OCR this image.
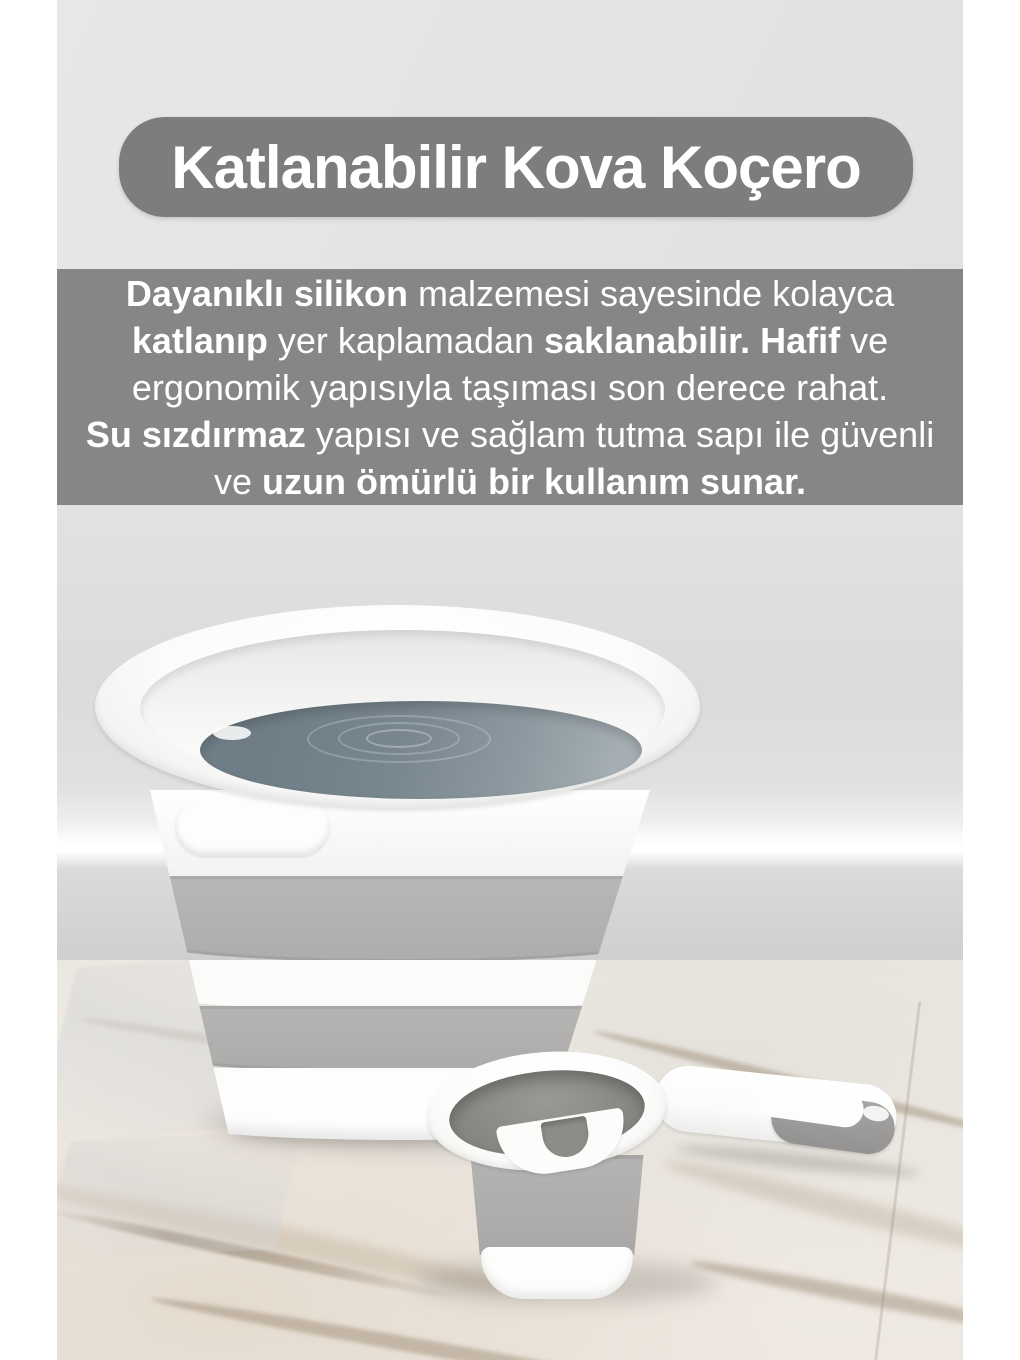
Katlanabilir Kova Koçero
Dayanıklı silikon malzemesi sayesinde kolayca
katlanıp yer kaplamadan saklanabilir. Hafif ve
ergonomik yapısıyla taşıması son derece rahat.
Su sızdırmaz yapısı ve sağlam tutma sapı ile güvenli
ve uzun ömürlü bir kullanım sunar.
